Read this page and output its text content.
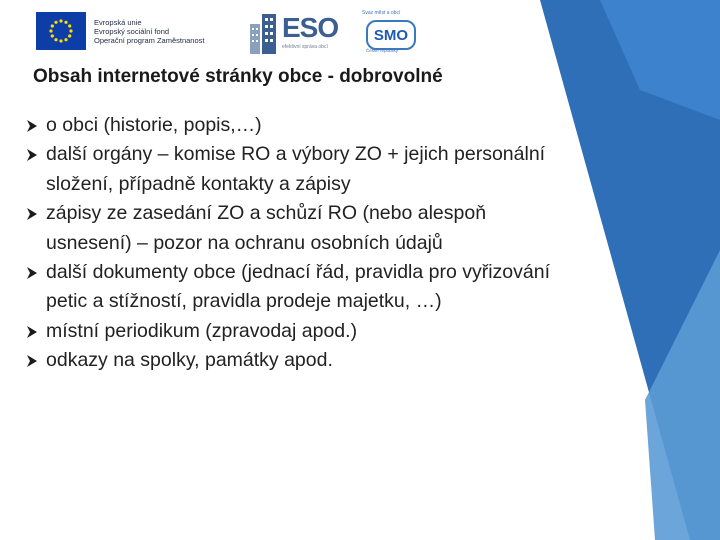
Evropská unie
Evropský sociální fond
Operační program Zaměstnanost	ESO
efektivní správa obcí
Svaz měst a obcí
SMO
České republiky
Obsah internetové stránky obce - dobrovolné
o obci (historie, popis,…)
další orgány – komise RO a výbory ZO + jejich personální složení, případně kontakty a zápisy
zápisy ze zasedání ZO a schůzí RO (nebo alespoň usnesení) – pozor na ochranu osobních údajů
další dokumenty obce (jednací řád, pravidla pro vyřizování petic a stížností, pravidla prodeje majetku, …)
místní periodikum (zpravodaj apod.)
odkazy na spolky, památky apod.
